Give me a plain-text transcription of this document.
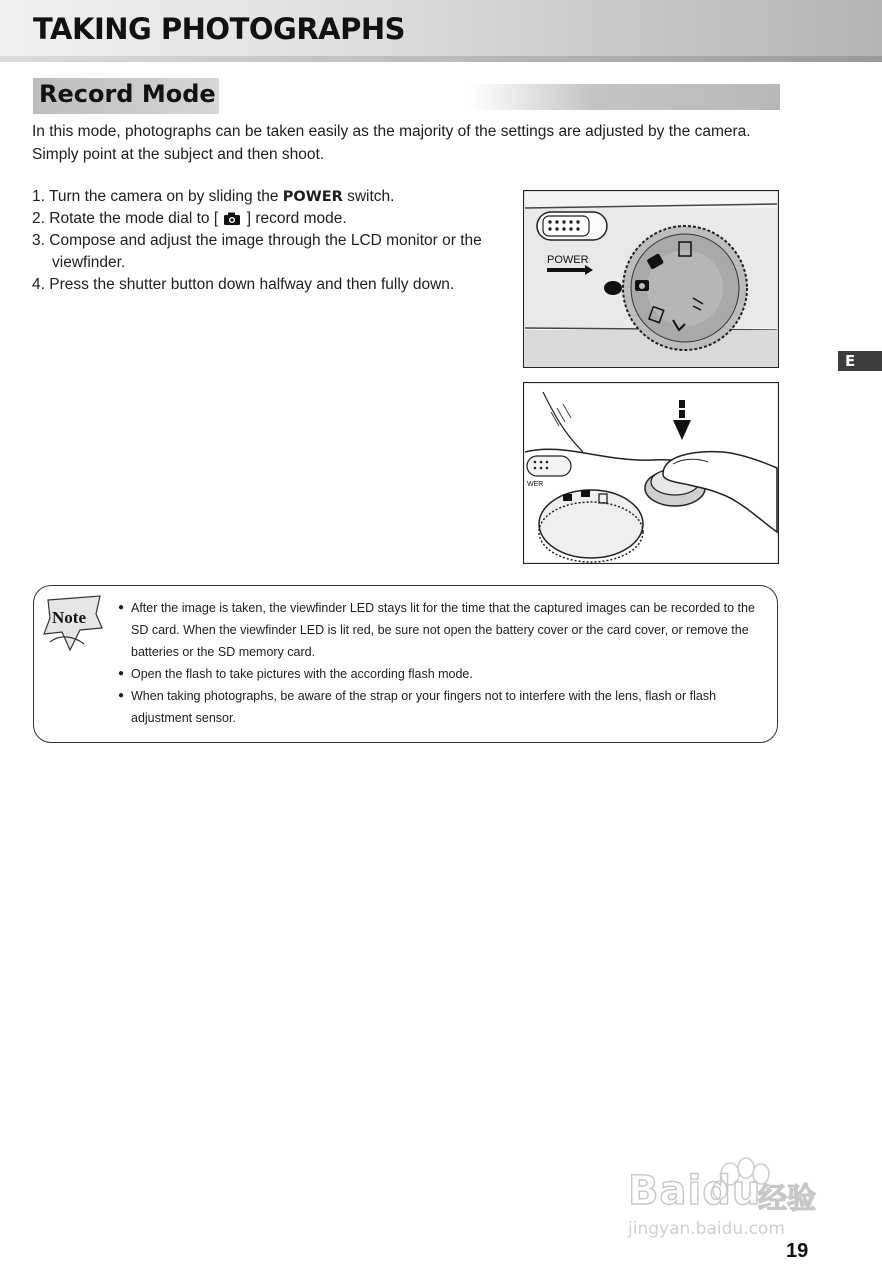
TAKING PHOTOGRAPHS
Record Mode

In this mode, photographs can be taken easily as the majority of the settings are adjusted by the camera. Simply point at the subject and then shoot.

1. Turn the camera on by sliding the POWER switch.
2. Rotate the mode dial to [  ] record mode.
3. Compose and adjust the image through the LCD monitor or the viewfinder.
4. Press the shutter button down halfway and then fully down.
POWER
WER
E
Note
●	After the image is taken, the viewfinder LED stays lit for the time that the captured images can be recorded to the SD card. When the viewfinder LED is lit red, be sure not open the battery cover or the card cover, or remove the batteries or the SD memory card.
● Open the flash to take pictures with the according flash mode.
● When taking photographs, be aware of the strap or your fingers not to interfere with the lens, flash or flash adjustment sensor.
Baidu
经验
jingyan.baidu.com
19
